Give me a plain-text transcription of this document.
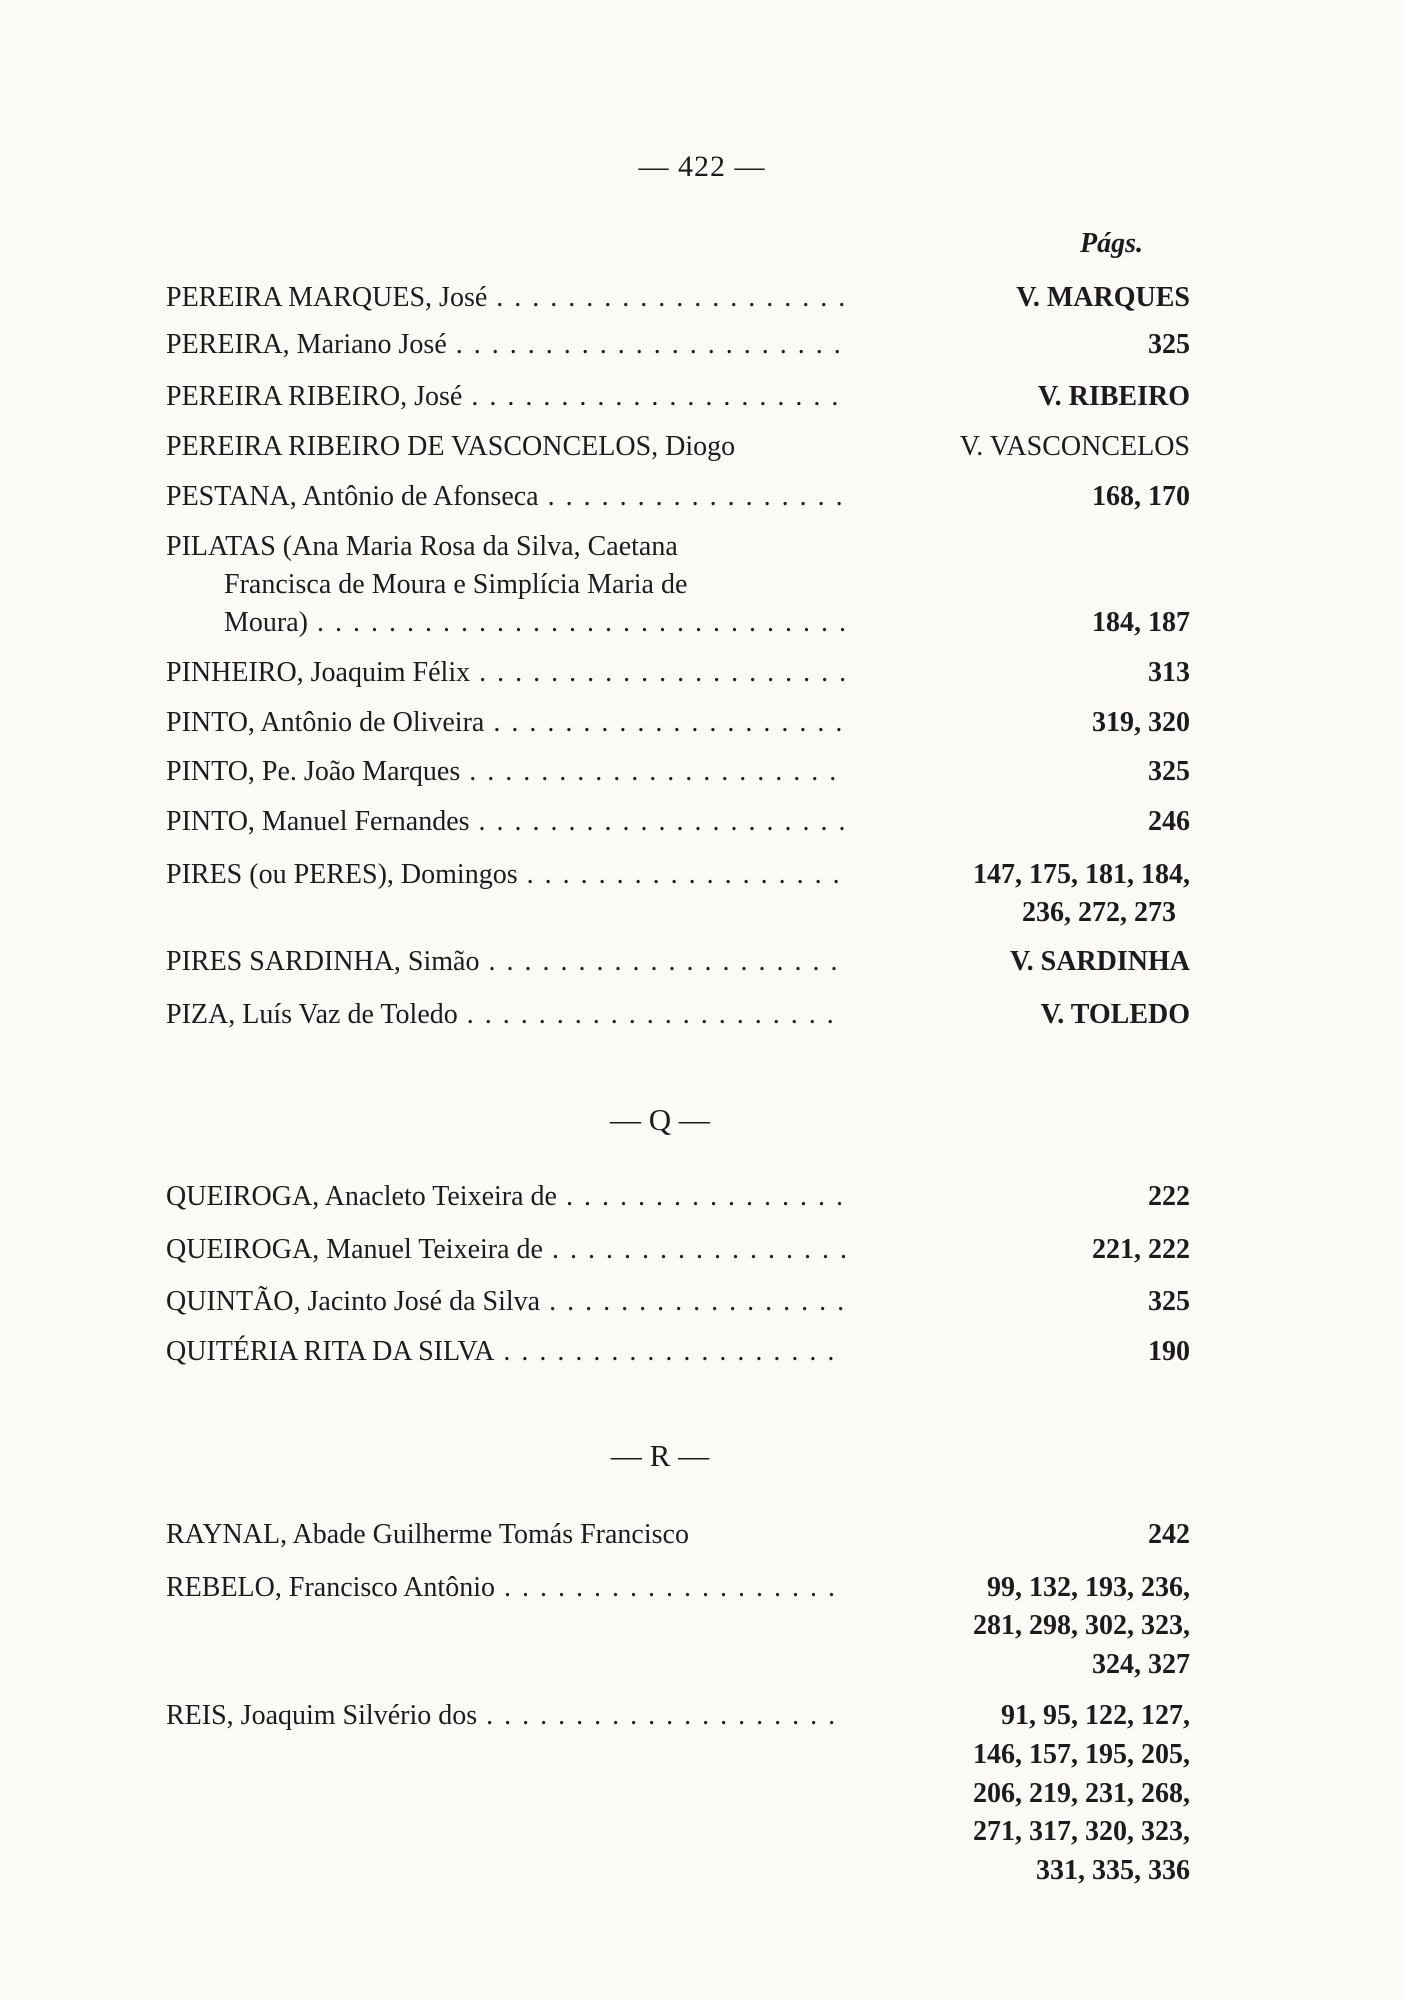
— 422 —
Págs.
PEREIRA MARQUES, José . . .	V. MARQUES
PEREIRA, Mariano José . . .	325
PEREIRA RIBEIRO, José . . .	V. RIBEIRO
PEREIRA RIBEIRO DE VASCONCELOS, Diogo	V. VASCONCELOS
PESTANA, Antônio de Afonseca . . .	168, 170
PILATAS (Ana Maria Rosa da Silva, Caetana
Francisca de Moura e Simplícia Maria de
Moura) . . .	184, 187
PINHEIRO, Joaquim Félix . . .	313
PINTO, Antônio de Oliveira . . .	319, 320
PINTO, Pe. João Marques . . .	325
PINTO, Manuel Fernandes . . .	246
PIRES (ou PERES), Domingos . . .	147, 175, 181, 184,
236, 272, 273
PIRES SARDINHA, Simão . . .	V. SARDINHA
PIZA, Luís Vaz de Toledo . . .	V. TOLEDO
— Q —
QUEIROGA, Anacleto Teixeira de . . .	222
QUEIROGA, Manuel Teixeira de . . .	221, 222
QUINTÃO, Jacinto José da Silva . . .	325
QUITÉRIA RITA DA SILVA . . .	190
— R —
RAYNAL, Abade Guilherme Tomás Francisco	242
REBELO, Francisco Antônio . . .	99, 132, 193, 236,
281, 298, 302, 323,
324, 327
REIS, Joaquim Silvério dos . . .	91, 95, 122, 127,
146, 157, 195, 205,
206, 219, 231, 268,
271, 317, 320, 323,
331, 335, 336
